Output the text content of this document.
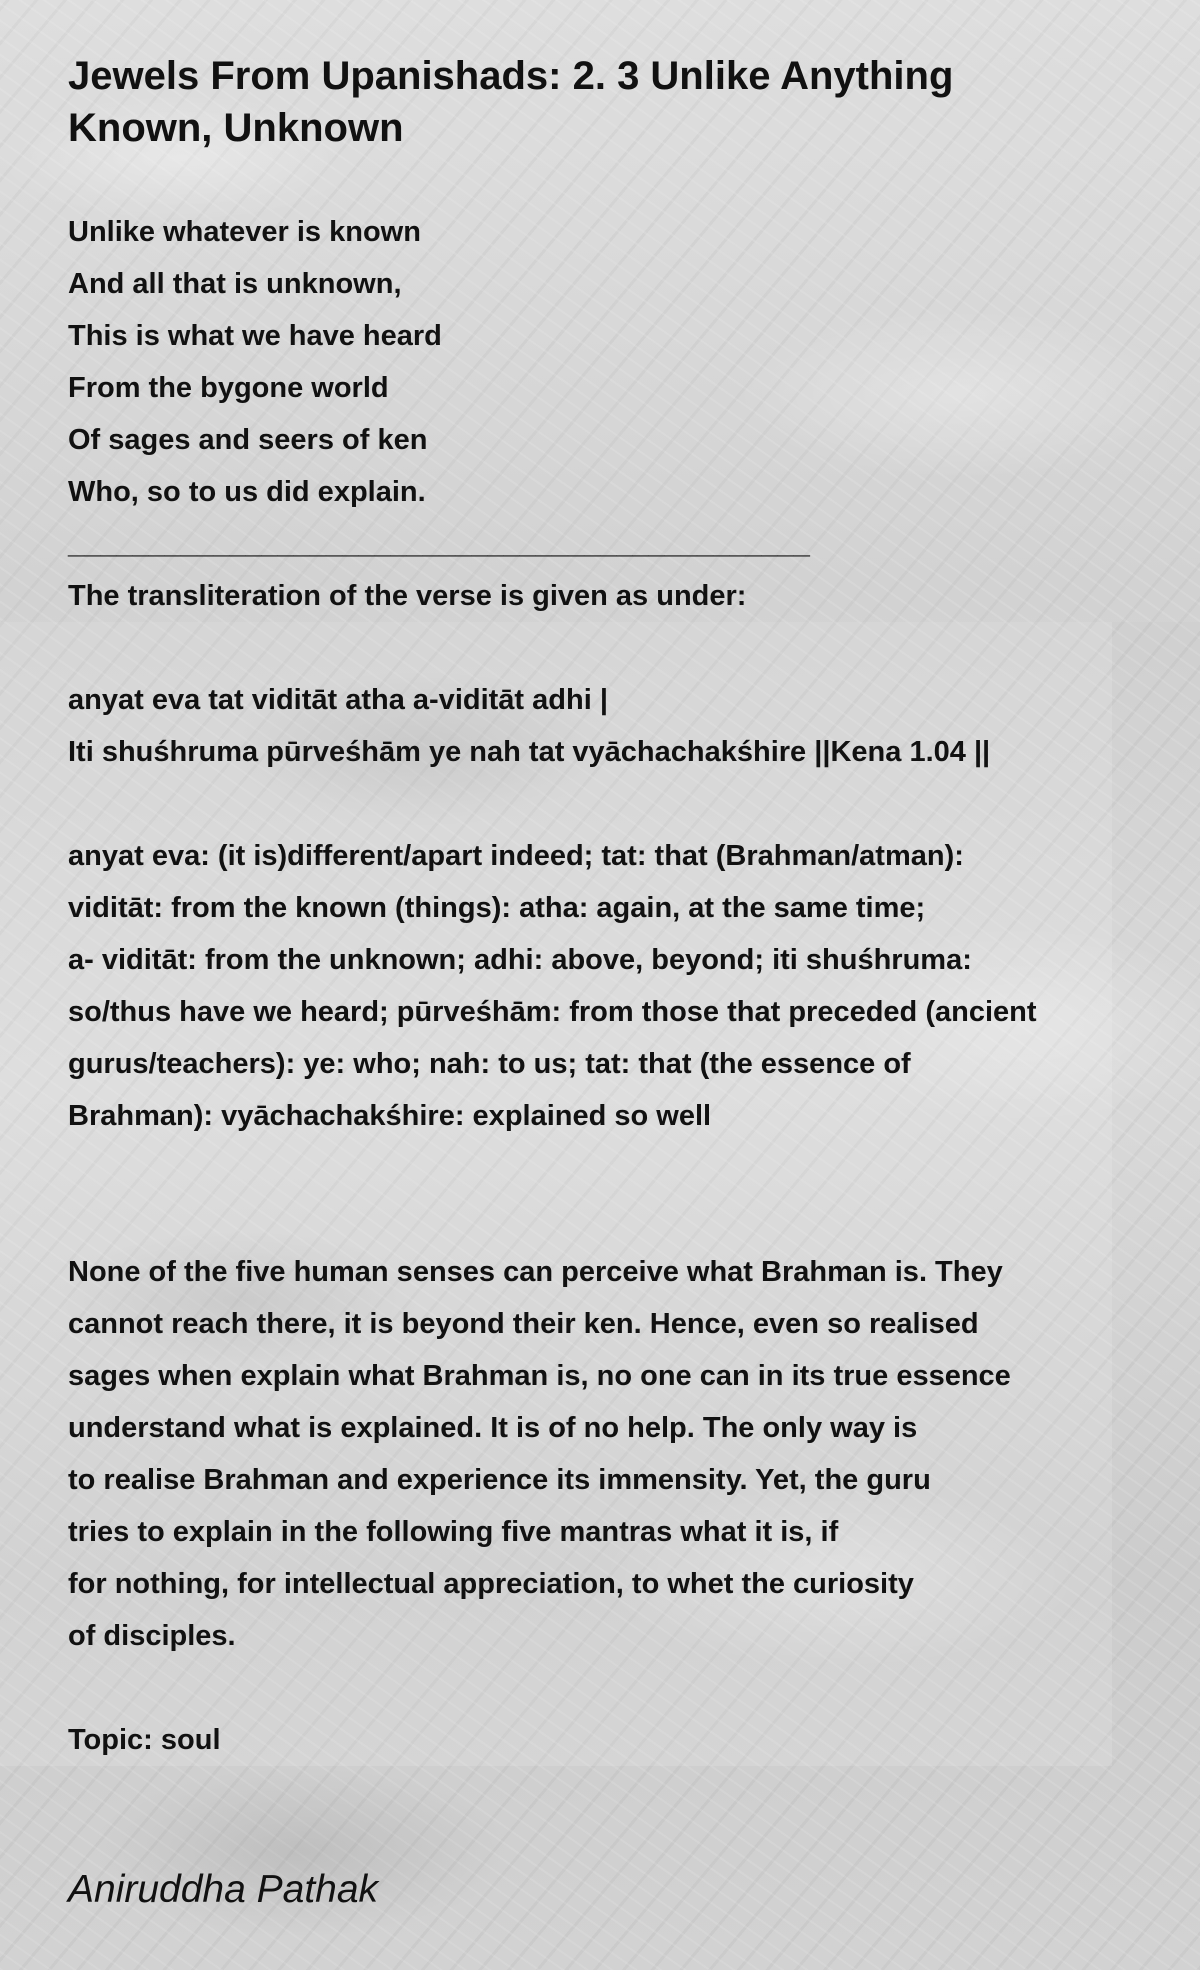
Jewels From Upanishads: 2. 3 Unlike Anything Known, Unknown
Unlike whatever is known
And all that is unknown,
This is what we have heard
From the bygone world
Of sages and seers of ken
Who, so to us did explain.
______________________________________________
The transliteration of the verse is given as under:
anyat eva tat viditāt atha a-viditāt adhi |
Iti shuśhruma pūrveśhām ye nah tat vyāchachakśhire ||Kena 1.04 ||
anyat eva: (it is)different/apart indeed; tat: that (Brahman/atman):
viditāt: from the known (things): atha: again, at the same time;
a- viditāt: from the unknown; adhi: above, beyond; iti shuśhruma:
so/thus have we heard; pūrveśhām: from those that preceded (ancient
gurus/teachers): ye: who; nah: to us; tat: that (the essence of
Brahman): vyāchachakśhire: explained so well
None of the five human senses can perceive what Brahman is. They
cannot reach there, it is beyond their ken. Hence, even so realised
sages when explain what Brahman is, no one can in its true essence
understand what is explained. It is of no help. The only way is
to realise Brahman and experience its immensity. Yet, the guru
tries to explain in the following five mantras what it is, if
for nothing, for intellectual appreciation, to whet the curiosity
of disciples.
Topic: soul
Aniruddha Pathak
